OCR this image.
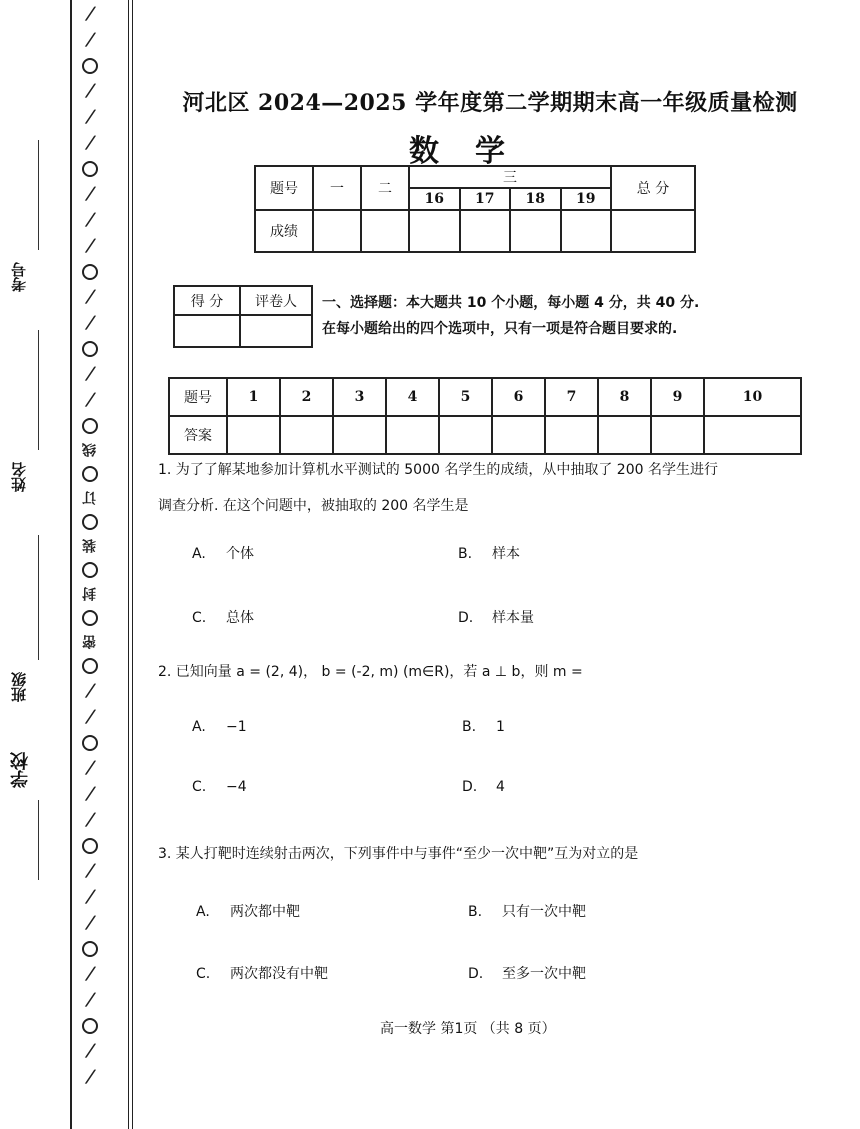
/
/
/
/
/
/
/
/
/
/
/
/
线
订
装
封
密
/
/
/
/
/
/
/
/
/
/
/
/
考号
姓名
班级
学校
河北区 2024—2025 学年度第二学期期末高一年级质量检测
数学
题号	一	二	三				总 分
			16	17	18	19	
成绩							
得 分	评卷人
	一、选择题：本大题共 10 个小题，每小题 4 分，共 40 分.
在每小题给出的四个选项中，只有一项是符合题目要求的.
题号	1	2	3	4	5	6	7	8	9	10
答案										
1. 为了了解某地参加计算机水平测试的 5000 名学生的成绩，从中抽取了 200 名学生进行
调查分析. 在这个问题中，被抽取的 200 名学生是
A. 个体	B. 样本
C. 总体	D. 样本量
2. 已知向量 a = (2, 4)， b = (-2, m) (m∈R)，若 a ⊥ b，则 m =
A. −1	B. 1
C. −4	D. 4
3. 某人打靶时连续射击两次，下列事件中与事件“至少一次中靶”互为对立的是
A. 两次都中靶	B. 只有一次中靶
C. 两次都没有中靶	D. 至多一次中靶
高一数学 第1页 （共 8 页）
